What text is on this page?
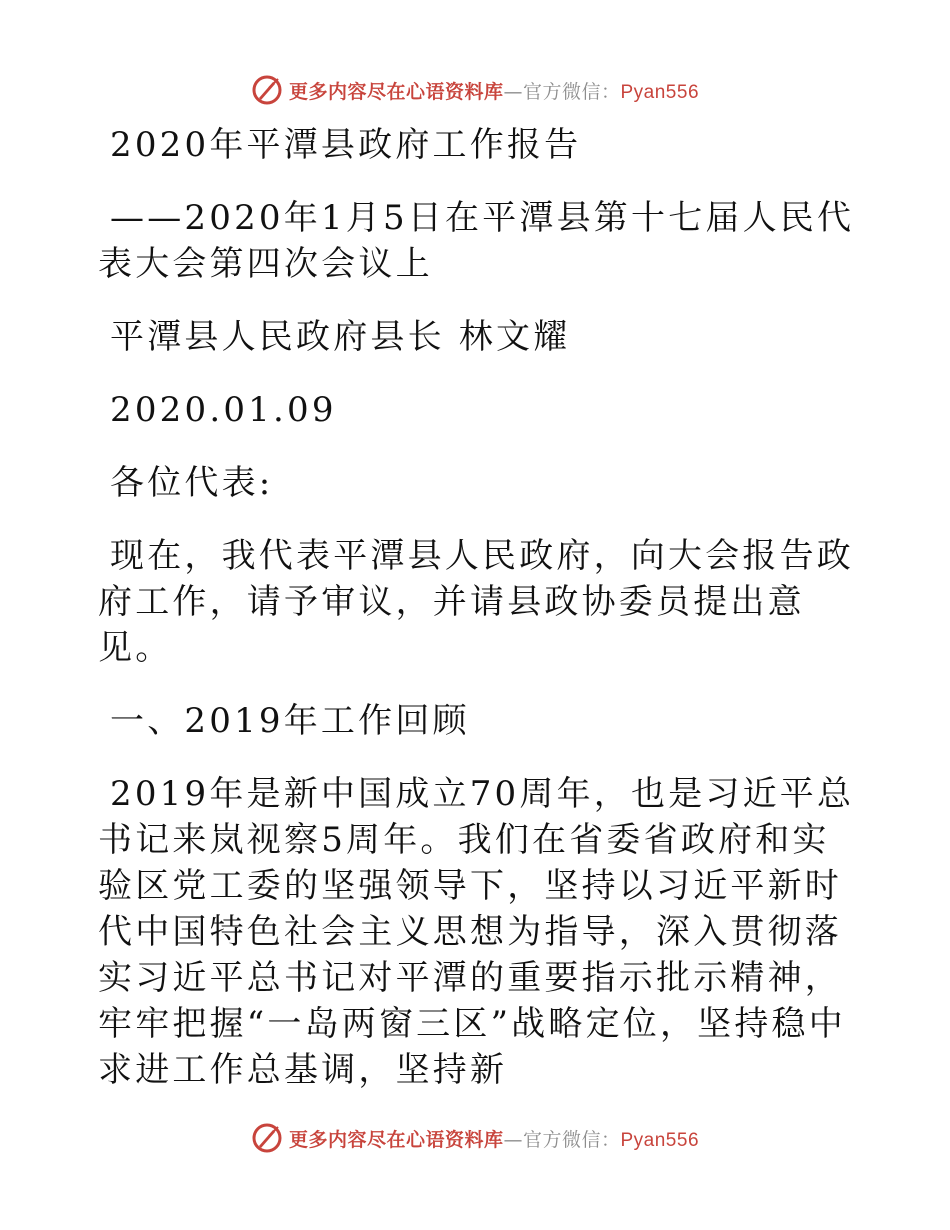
更多内容尽在心语资料库—官方微信：Pyan556

2020年平潭县政府工作报告

——2020年1月5日在平潭县第十七届人民代表大会第四次会议上

平潭县人民政府县长 林文耀

2020.01.09

各位代表:

现在，我代表平潭县人民政府，向大会报告政府工作，请予审议，并请县政协委员提出意见。

一、2019年工作回顾

2019年是新中国成立70周年，也是习近平总书记来岚视察5周年。我们在省委省政府和实验区党工委的坚强领导下，坚持以习近平新时代中国特色社会主义思想为指导，深入贯彻落实习近平总书记对平潭的重要指示批示精神，牢牢把握“一岛两窗三区”战略定位，坚持稳中求进工作总基调，坚持新

更多内容尽在心语资料库—官方微信：Pyan556
